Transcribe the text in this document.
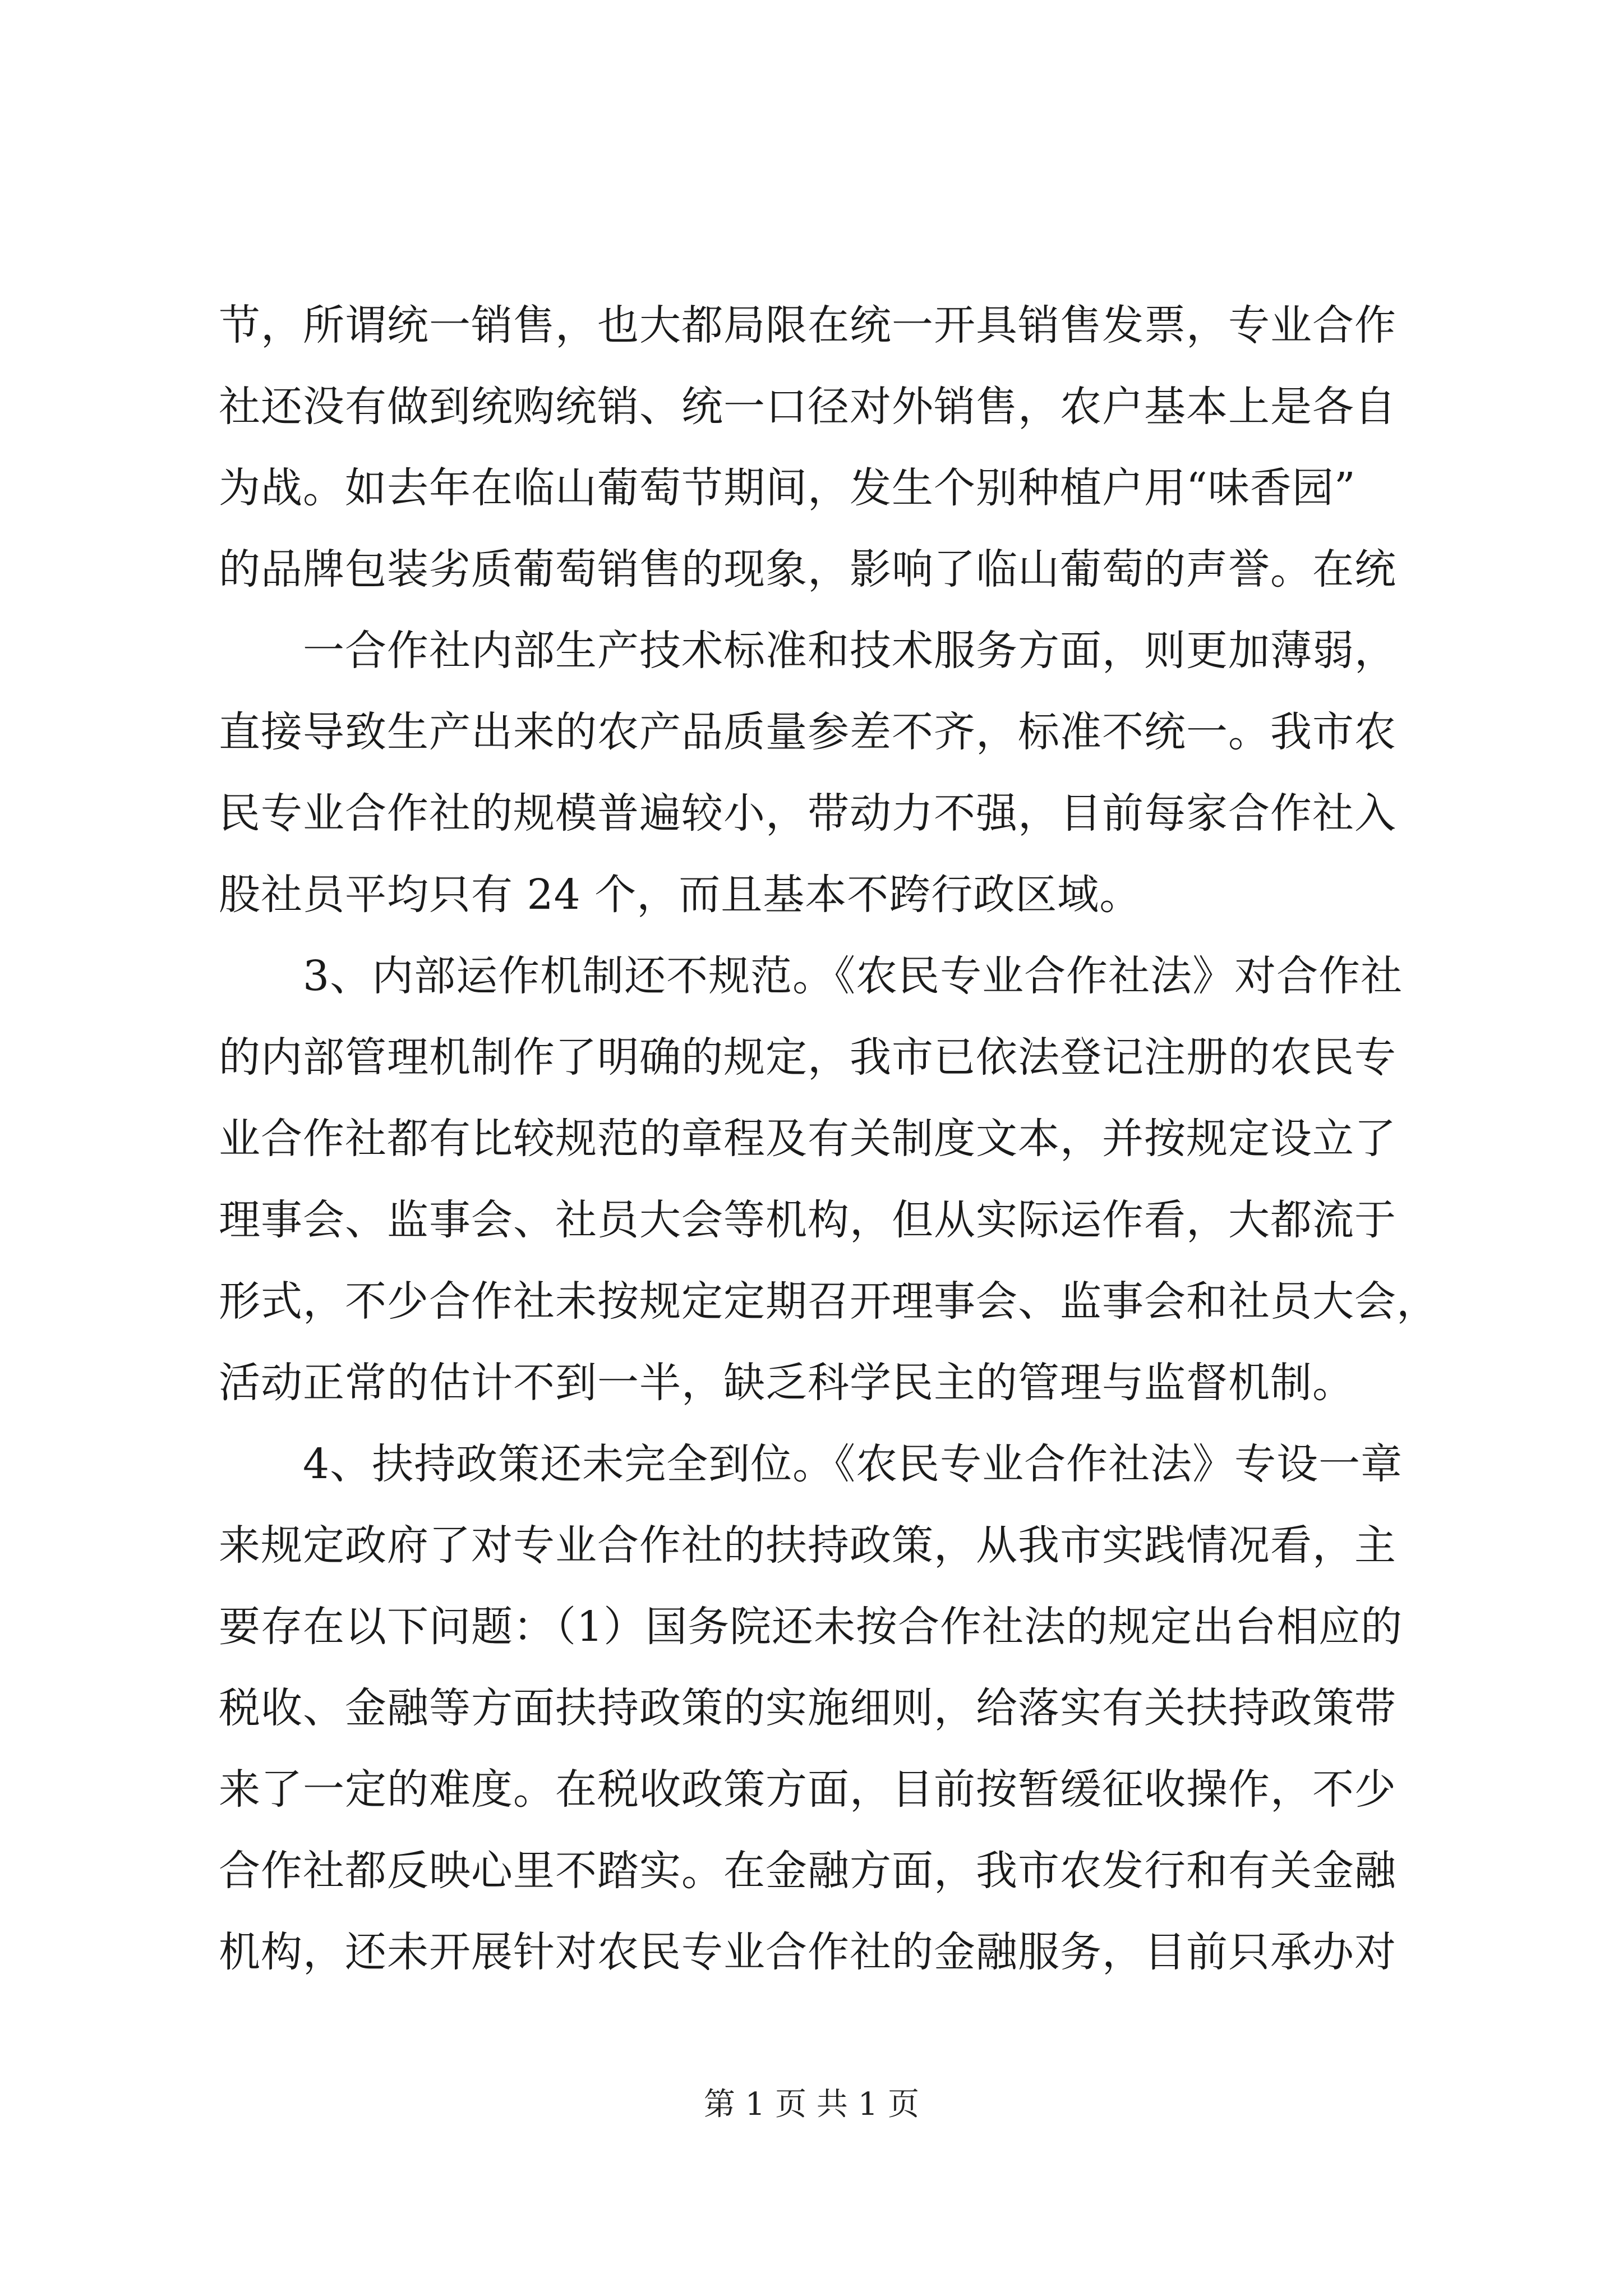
节，所谓统一销售，也大都局限在统一开具销售发票，专业合作
社还没有做到统购统销、统一口径对外销售，农户基本上是各自
为战。如去年在临山葡萄节期间，发生个别种植户用“味香园”
的品牌包装劣质葡萄销售的现象，影响了临山葡萄的声誉。在统
一合作社内部生产技术标准和技术服务方面，则更加薄弱，
直接导致生产出来的农产品质量参差不齐，标准不统一。我市农
民专业合作社的规模普遍较小，带动力不强，目前每家合作社入
股社员平均只有 24 个，而且基本不跨行政区域。
3、内部运作机制还不规范。《农民专业合作社法》对合作社
的内部管理机制作了明确的规定，我市已依法登记注册的农民专
业合作社都有比较规范的章程及有关制度文本，并按规定设立了
理事会、监事会、社员大会等机构，但从实际运作看，大都流于
形式，不少合作社未按规定定期召开理事会、监事会和社员大会，
活动正常的估计不到一半，缺乏科学民主的管理与监督机制。
4、扶持政策还未完全到位。《农民专业合作社法》专设一章
来规定政府了对专业合作社的扶持政策，从我市实践情况看，主
要存在以下问题：（1）国务院还未按合作社法的规定出台相应的
税收、金融等方面扶持政策的实施细则，给落实有关扶持政策带
来了一定的难度。在税收政策方面，目前按暂缓征收操作，不少
合作社都反映心里不踏实。在金融方面，我市农发行和有关金融
机构，还未开展针对农民专业合作社的金融服务，目前只承办对
第 1 页 共 1 页
